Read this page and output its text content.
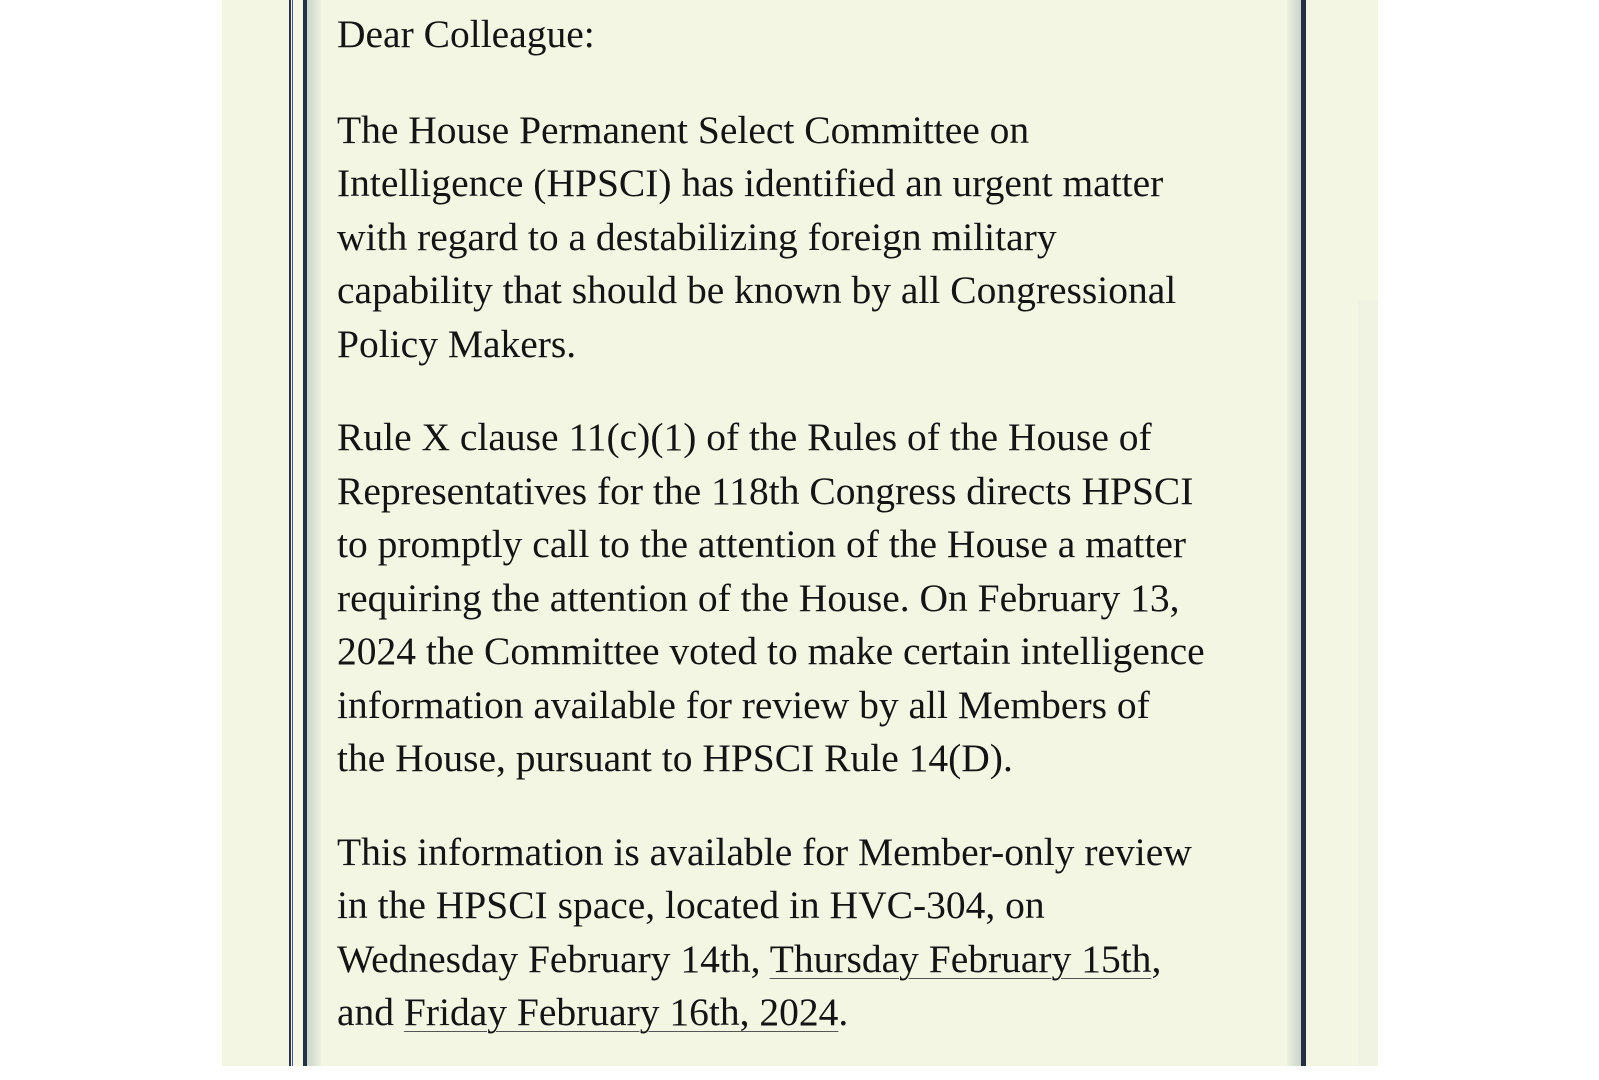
Dear Colleague:

The House Permanent Select Committee on
Intelligence (HPSCI) has identified an urgent matter
with regard to a destabilizing foreign military
capability that should be known by all Congressional
Policy Makers.

Rule X clause 11(c)(1) of the Rules of the House of
Representatives for the 118th Congress directs HPSCI
to promptly call to the attention of the House a matter
requiring the attention of the House. On February 13,
2024 the Committee voted to make certain intelligence
information available for review by all Members of
the House, pursuant to HPSCI Rule 14(D).

This information is available for Member-only review
in the HPSCI space, located in HVC-304, on
Wednesday February 14th, Thursday February 15th,
and Friday February 16th, 2024.
